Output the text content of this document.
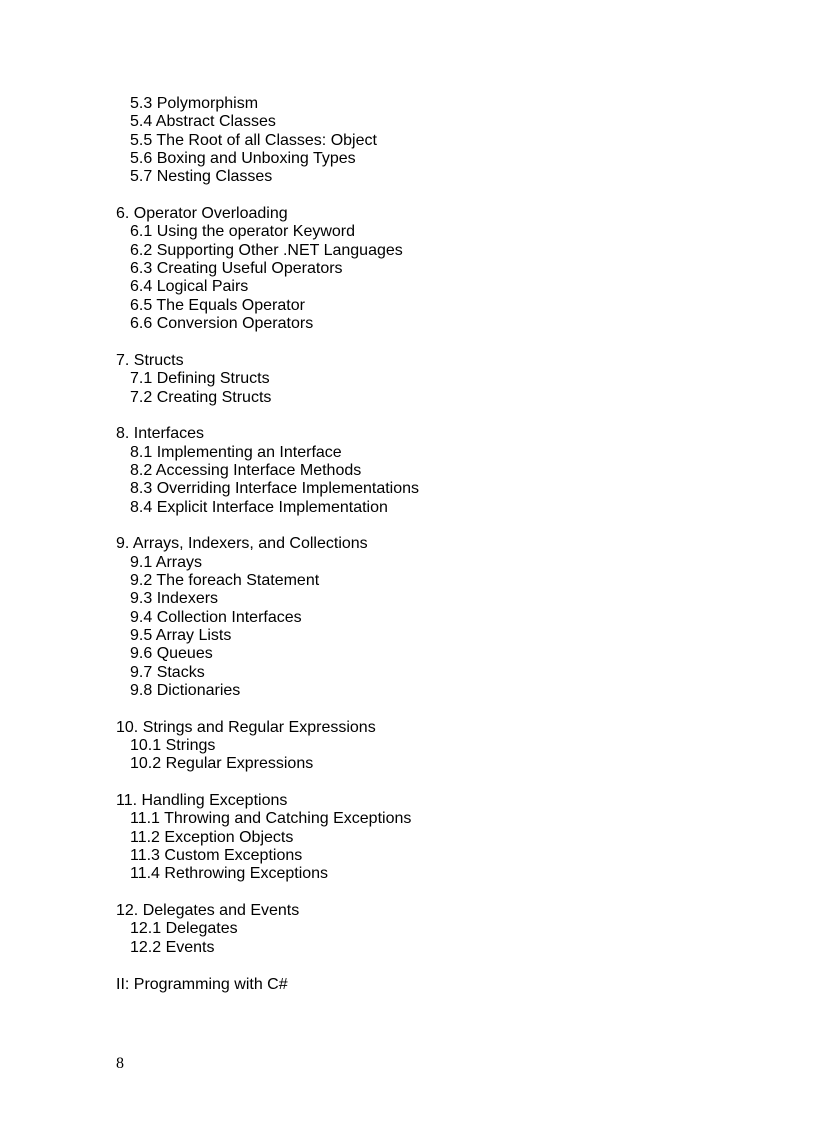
5.3 Polymorphism
5.4 Abstract Classes
5.5 The Root of all Classes: Object
5.6 Boxing and Unboxing Types
5.7 Nesting Classes
6. Operator Overloading
6.1 Using the operator Keyword
6.2 Supporting Other .NET Languages
6.3 Creating Useful Operators
6.4 Logical Pairs
6.5 The Equals Operator
6.6 Conversion Operators
7. Structs
7.1 Defining Structs
7.2 Creating Structs
8. Interfaces
8.1 Implementing an Interface
8.2 Accessing Interface Methods
8.3 Overriding Interface Implementations
8.4 Explicit Interface Implementation
9. Arrays, Indexers, and Collections
9.1 Arrays
9.2 The foreach Statement
9.3 Indexers
9.4 Collection Interfaces
9.5 Array Lists
9.6 Queues
9.7 Stacks
9.8 Dictionaries
10. Strings and Regular Expressions
10.1 Strings
10.2 Regular Expressions
11. Handling Exceptions
11.1 Throwing and Catching Exceptions
11.2 Exception Objects
11.3 Custom Exceptions
11.4 Rethrowing Exceptions
12. Delegates and Events
12.1 Delegates
12.2 Events
II: Programming with C#
8
